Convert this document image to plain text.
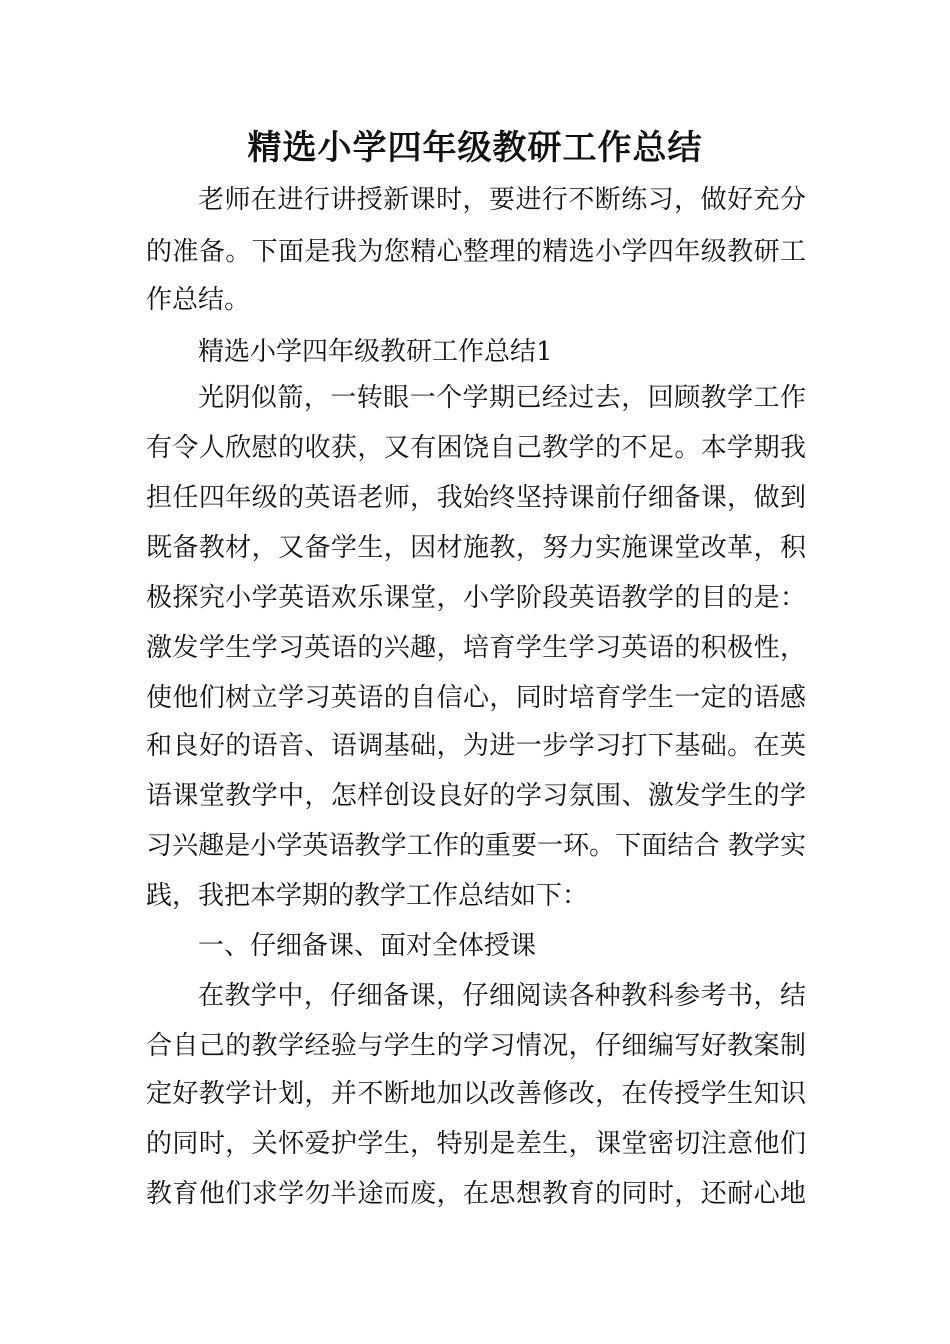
精选小学四年级教研工作总结
老师在进行讲授新课时，要进行不断练习，做好充分
的准备。下面是我为您精心整理的精选小学四年级教研工
作总结。
精选小学四年级教研工作总结1
光阴似箭，一转眼一个学期已经过去，回顾教学工作
有令人欣慰的收获，又有困饶自己教学的不足。本学期我
担任四年级的英语老师，我始终坚持课前仔细备课，做到
既备教材，又备学生，因材施教，努力实施课堂改革，积
极探究小学英语欢乐课堂，小学阶段英语教学的目的是：
激发学生学习英语的兴趣，培育学生学习英语的积极性，
使他们树立学习英语的自信心，同时培育学生一定的语感
和良好的语音、语调基础，为进一步学习打下基础。在英
语课堂教学中，怎样创设良好的学习氛围、激发学生的学
习兴趣是小学英语教学工作的重要一环。下面结合 教学实
践，我把本学期的教学工作总结如下：
一、仔细备课、面对全体授课
在教学中，仔细备课，仔细阅读各种教科参考书，结
合自己的教学经验与学生的学习情况，仔细编写好教案制
定好教学计划，并不断地加以改善修改，在传授学生知识
的同时，关怀爱护学生，特别是差生，课堂密切注意他们
教育他们求学勿半途而废，在思想教育的同时，还耐心地
